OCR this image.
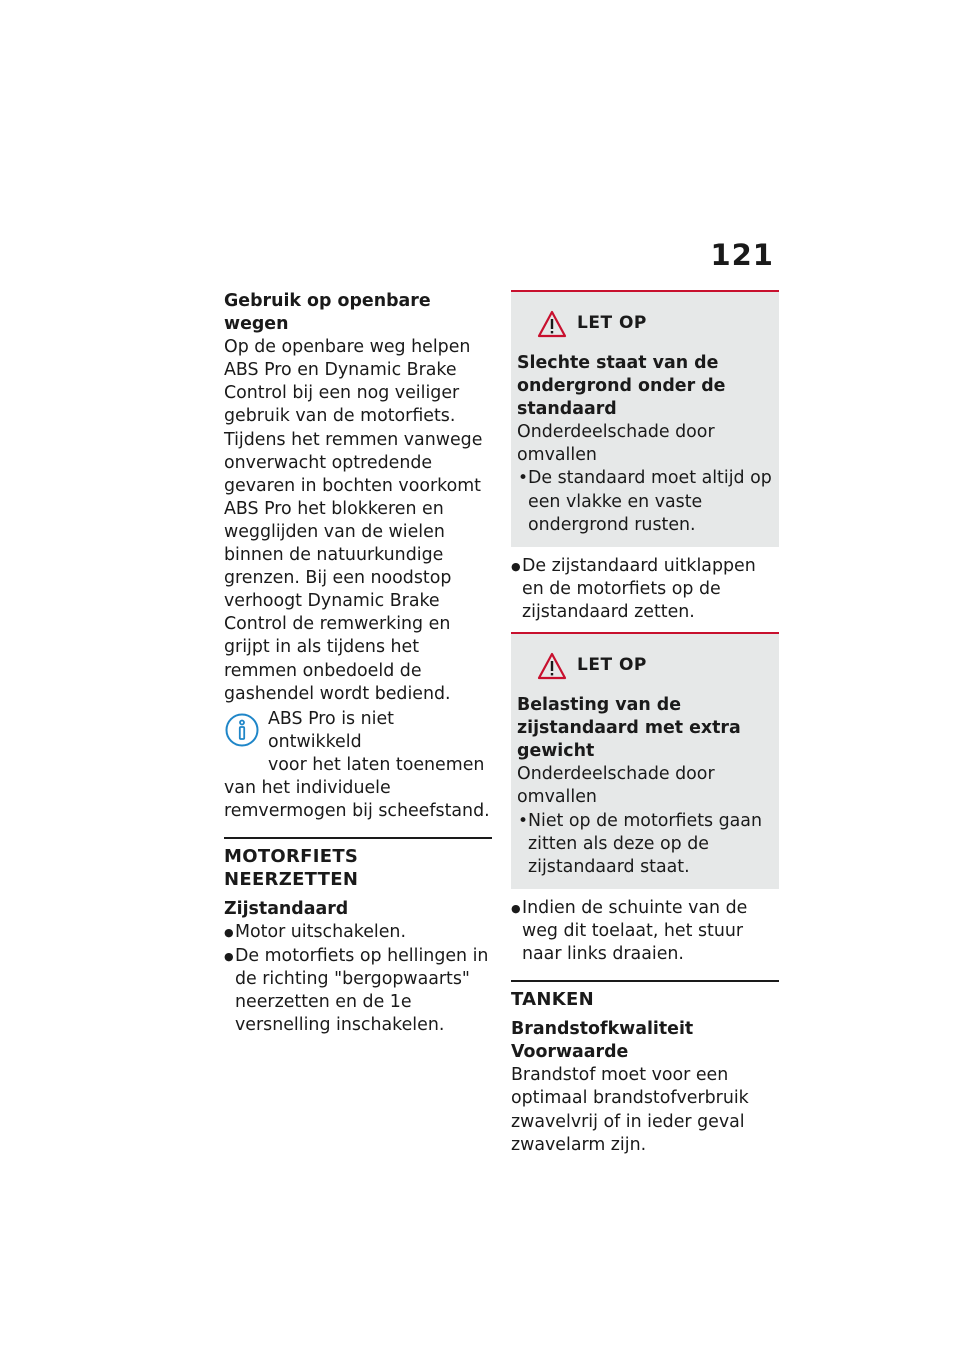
121

Gebruik op openbare wegen

Op de openbare weg helpen ABS Pro en Dynamic Brake Control bij een nog veiliger gebruik van de motorfiets. Tijdens het remmen vanwege onverwacht optredende gevaren in bochten voorkomt ABS Pro het blokkeren en wegglijden van de wielen binnen de natuurkundige grenzen. Bij een noodstop verhoogt Dynamic Brake Control de remwerking en grijpt in als tijdens het remmen onbedoeld de gashendel wordt bediend.

ABS Pro is niet ontwikkeld

voor het laten toenemen

van het individuele remvermogen bij scheefstand.

MOTORFIETS NEERZETTEN

Zijstandaard

● Motor uitschakelen.
● De motorfiets op hellingen in de richting "bergopwaarts" neerzetten en de 1e versnelling inschakelen.
LET OP

Slechte staat van de ondergrond onder de standaard

Onderdeelschade door omvallen

• De standaard moet altijd op een vlakke en vaste ondergrond rusten.
● De zijstandaard uitklappen en de motorfiets op de zijstandaard zetten.
LET OP

Belasting van de zijstandaard met extra gewicht

Onderdeelschade door omvallen

• Niet op de motorfiets gaan zitten als deze op de zijstandaard staat.
● Indien de schuinte van de weg dit toelaat, het stuur naar links draaien.
TANKEN

Brandstofkwaliteit

Voorwaarde

Brandstof moet voor een optimaal brandstofverbruik zwavelvrij of in ieder geval zwavelarm zijn.
